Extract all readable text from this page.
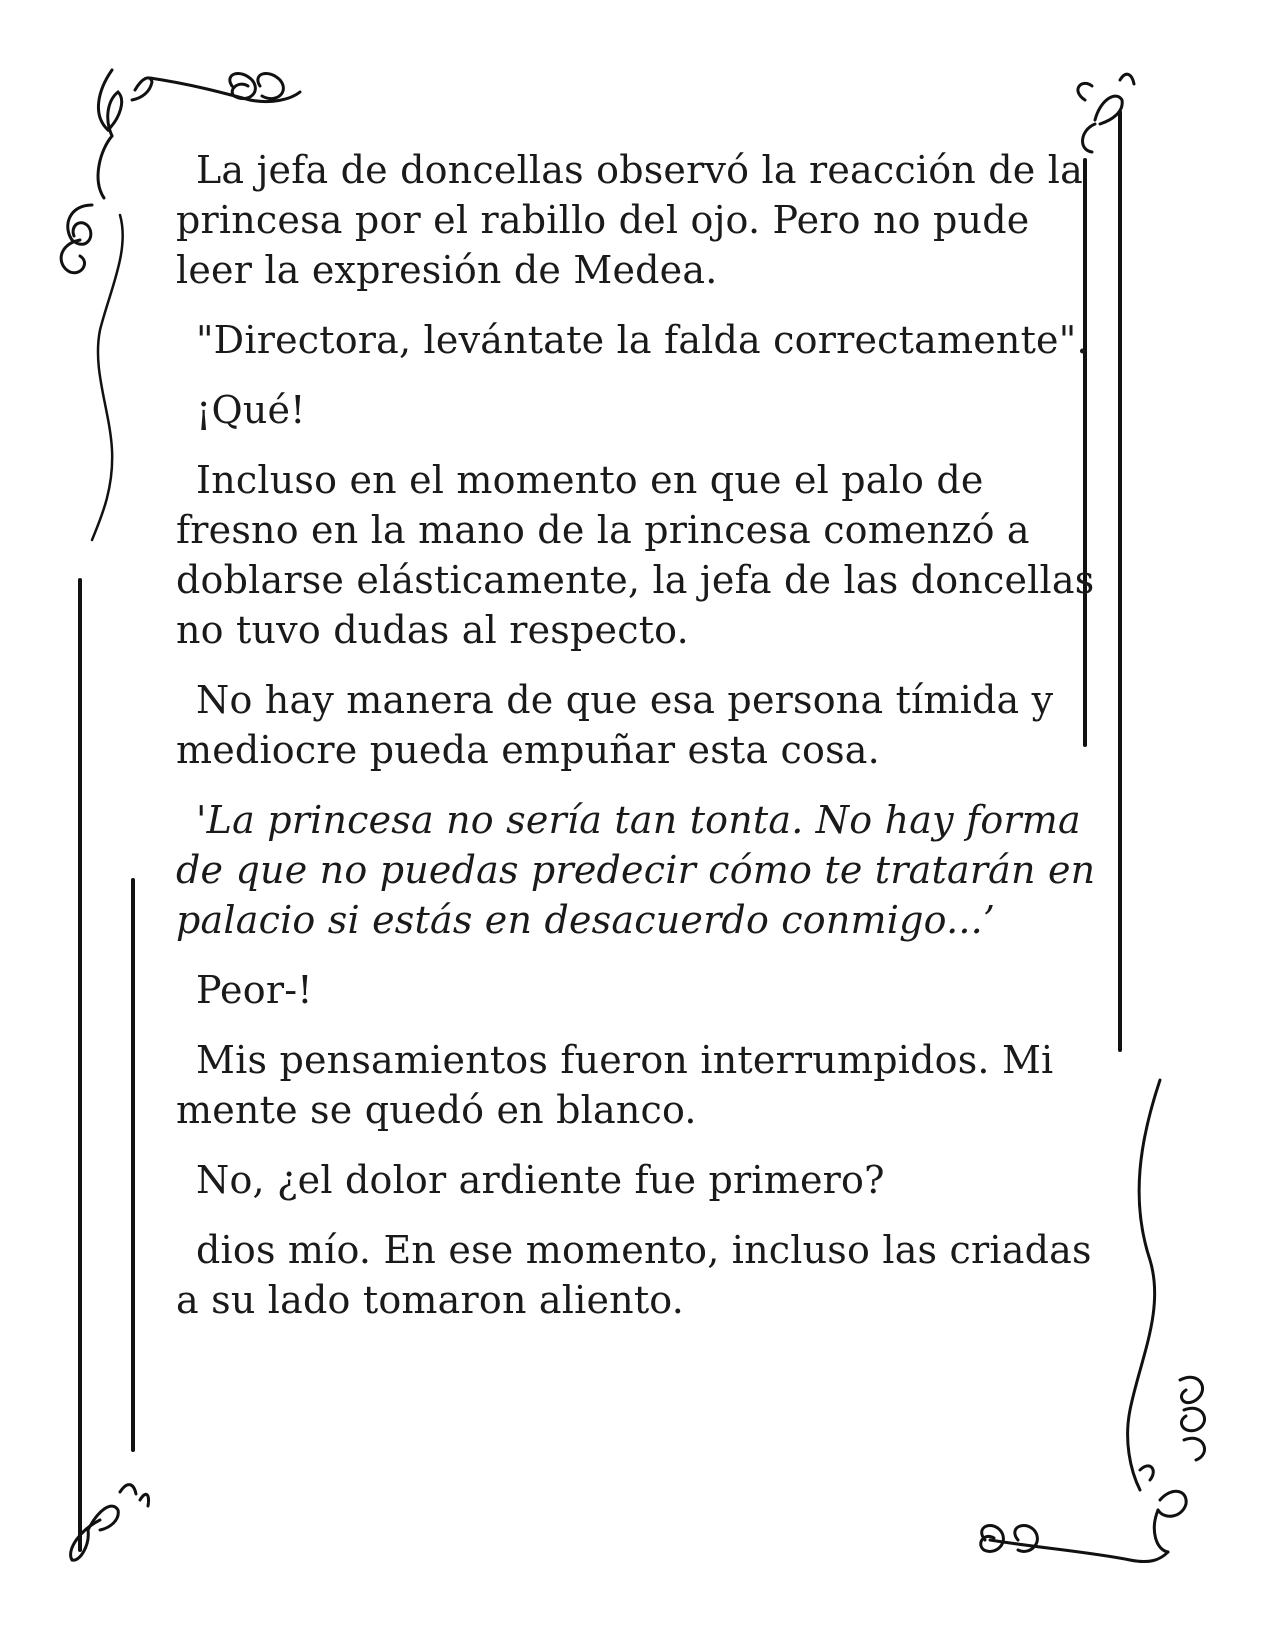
La jefa de doncellas observó la reacción de la princesa por el rabillo del ojo. Pero no pude leer la expresión de Medea.

"Directora, levántate la falda correctamente".

¡Qué!

Incluso en el momento en que el palo de fresno en la mano de la princesa comenzó a doblarse elásticamente, la jefa de las doncellas no tuvo dudas al respecto.

No hay manera de que esa persona tímida y mediocre pueda empuñar esta cosa.

'La princesa no sería tan tonta. No hay forma de que no puedas predecir cómo te tratarán en palacio si estás en desacuerdo conmigo...’

Peor-!

Mis pensamientos fueron interrumpidos. Mi mente se quedó en blanco.

No, ¿el dolor ardiente fue primero?

dios mío. En ese momento, incluso las criadas a su lado tomaron aliento.
